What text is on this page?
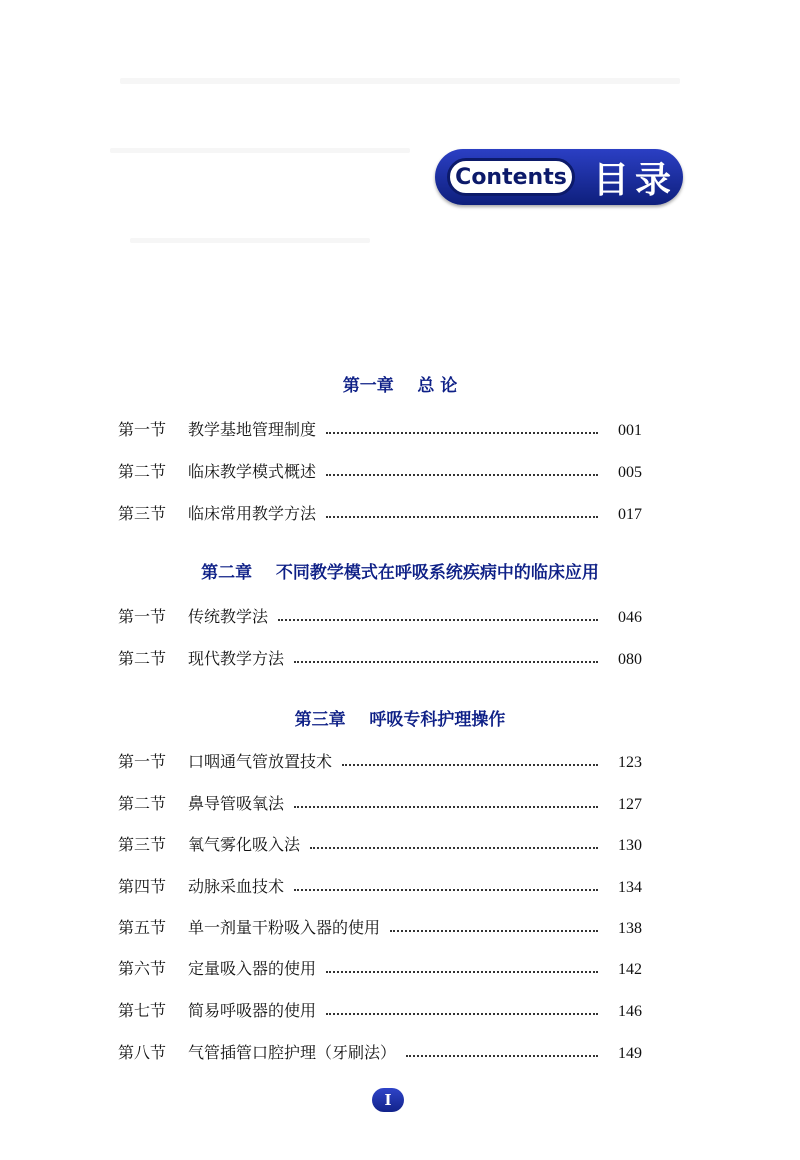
Contents 目录
第一章    总 论
第一节	教学基地管理制度	001
第二节	临床教学模式概述	005
第三节	临床常用教学方法	017
第二章    不同教学模式在呼吸系统疾病中的临床应用
第一节	传统教学法	046
第二节	现代教学方法	080
第三章    呼吸专科护理操作
第一节	口咽通气管放置技术	123
第二节	鼻导管吸氧法	127
第三节	氧气雾化吸入法	130
第四节	动脉采血技术	134
第五节	单一剂量干粉吸入器的使用	138
第六节	定量吸入器的使用	142
第七节	简易呼吸器的使用	146
第八节	气管插管口腔护理（牙刷法）	149
I
